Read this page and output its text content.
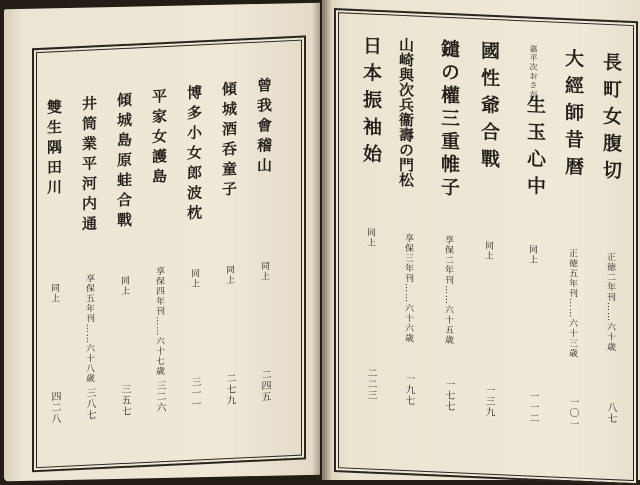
曾我會稽山
同上
二四五
傾城酒呑童子
同上
二七九
博多小女郎波枕
同上
三一一
平家女護島
享保四年刊……六十七歳
三二六
傾城島原蛙合戰
同上
三五七
井筒業平河内通
享保五年刊……六十八歳
三八七
雙生隅田川
同上
四二八
長町女腹切
正徳二年刊……六十歳
八七
大經師昔暦
正徳五年刊……六十三歳
一〇一
嘉平次おさが
生玉心中
同上
一一二
國性爺合戰
同上
一三九
鑓の權三重帷子
享保二年刊……六十五歳
一七七
山崎與次兵衞壽の門松
享保三年刊……六十六歳
一九七
日本振袖始
同上
二二三
